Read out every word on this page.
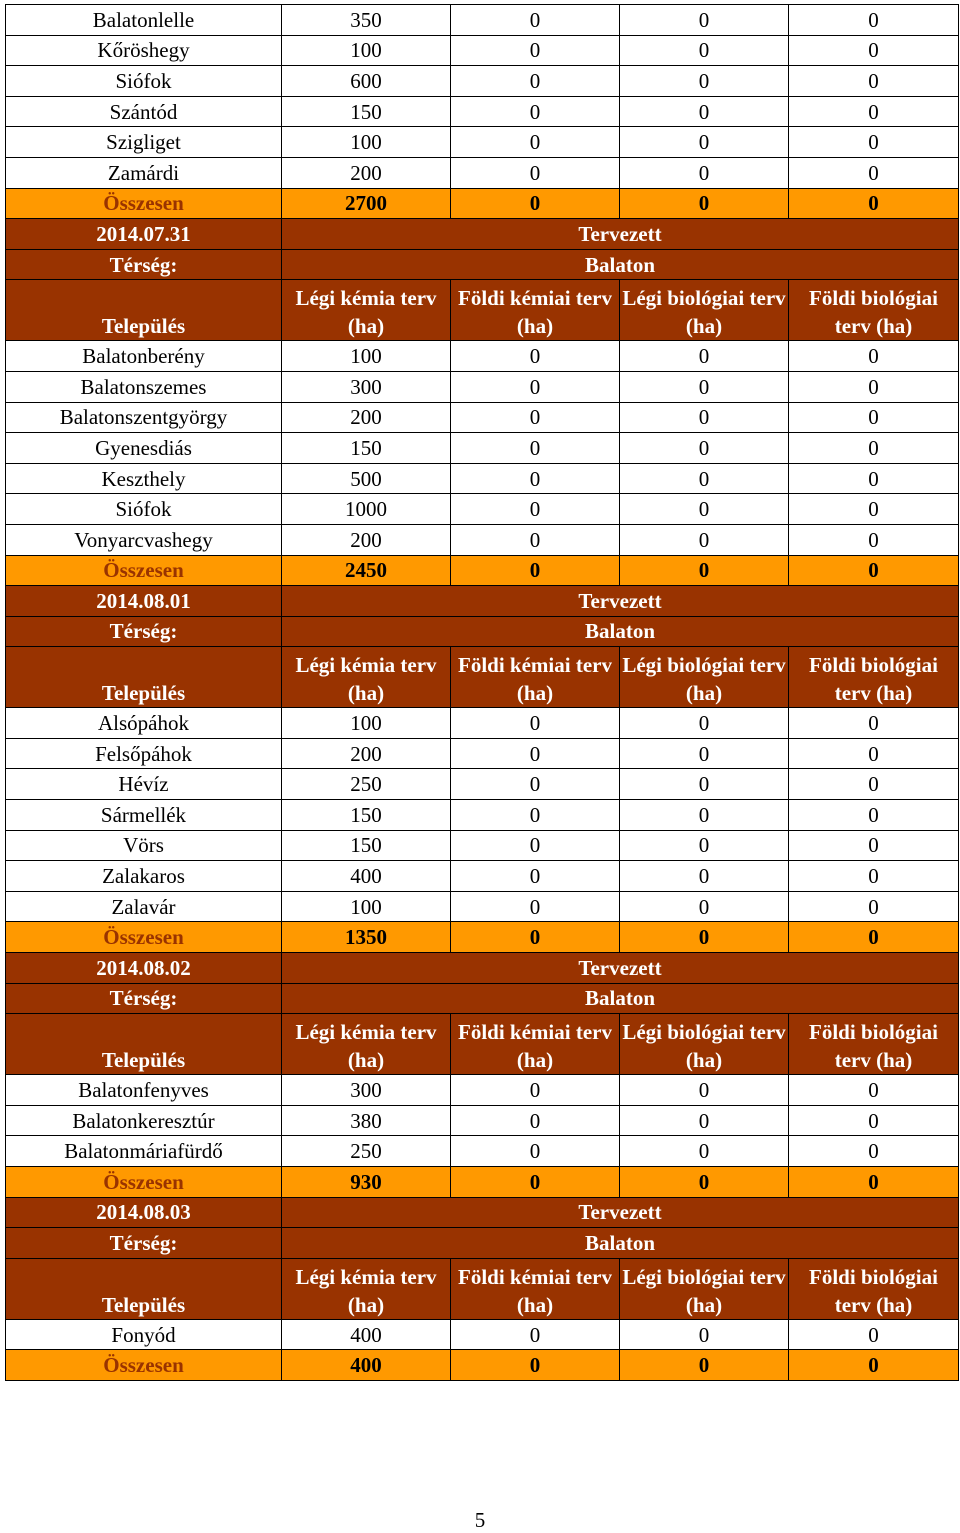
Balatonlelle	350	0	0	0
Kőröshegy	100	0	0	0
Siófok	600	0	0	0
Szántód	150	0	0	0
Szigliget	100	0	0	0
Zamárdi	200	0	0	0
Összesen	2700	0	0	0
2014.07.31	Tervezett			
Térség:	Balaton			
Település	Légi kémia terv (ha)	Földi kémiai terv (ha)	Légi biológiai terv (ha)	Földi biológiai terv (ha)
Balatonberény	100	0	0	0
Balatonszemes	300	0	0	0
Balatonszentgyörgy	200	0	0	0
Gyenesdiás	150	0	0	0
Keszthely	500	0	0	0
Siófok	1000	0	0	0
Vonyarcvashegy	200	0	0	0
Összesen	2450	0	0	0
2014.08.01	Tervezett			
Térség:	Balaton			
Település	Légi kémia terv (ha)	Földi kémiai terv (ha)	Légi biológiai terv (ha)	Földi biológiai terv (ha)
Alsópáhok	100	0	0	0
Felsőpáhok	200	0	0	0
Hévíz	250	0	0	0
Sármellék	150	0	0	0
Vörs	150	0	0	0
Zalakaros	400	0	0	0
Zalavár	100	0	0	0
Összesen	1350	0	0	0
2014.08.02	Tervezett			
Térség:	Balaton			
Település	Légi kémia terv (ha)	Földi kémiai terv (ha)	Légi biológiai terv (ha)	Földi biológiai terv (ha)
Balatonfenyves	300	0	0	0
Balatonkeresztúr	380	0	0	0
Balatonmáriafürdő	250	0	0	0
Összesen	930	0	0	0
2014.08.03	Tervezett			
Térség:	Balaton			
Település	Légi kémia terv (ha)	Földi kémiai terv (ha)	Légi biológiai terv (ha)	Földi biológiai terv (ha)
Fonyód	400	0	0	0
Összesen	400	0	0	0
5
